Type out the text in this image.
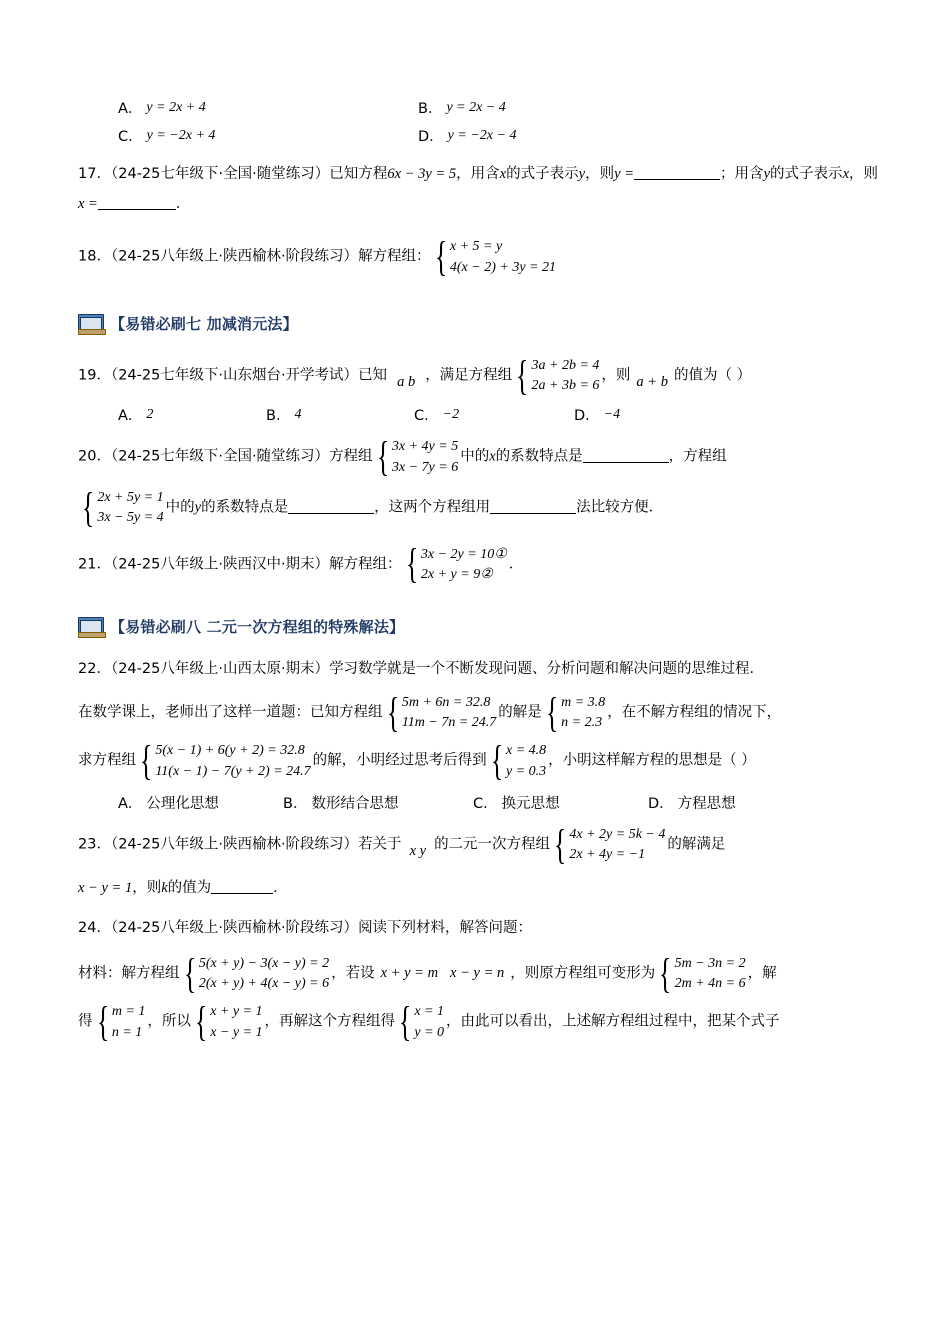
A． y = 2x + 4	B． y = 2x − 4
C． y = −2x + 4	D． y = −2x − 4
17．（24-25七年级下·全国·随堂练习）已知方程6x − 3y = 5，用含x的式子表示y，则y =	；用含y的式子表示x，则x =	．
18．（24-25八年级上·陕西榆林·阶段练习）解方程组： { x + 5 = y
4(x − 2) + 3y = 21
【易错必刷七 加减消元法】
19．（24-25七年级下·山东烟台·开学考试）已知 a b ，满足方程组 { 3a + 2b = 4
2a + 3b = 6
，则 a + b 的值为（ ）
A． 2	B． 4	C． −2	D． −4
20．（24-25七年级下·全国·随堂练习）方程组 { 3x + 4y = 5
3x − 7y = 6
中的x的系数特点是	，方程组
{ 2x + 5y = 1
3x − 5y = 4
中的y的系数特点是	，这两个方程组用	法比较方便．
21．（24-25八年级上·陕西汉中·期末）解方程组： { 3x − 2y = 10①
2x + y = 9②
．
【易错必刷八 二元一次方程组的特殊解法】
22．（24-25八年级上·山西太原·期末）学习数学就是一个不断发现问题、分析问题和解决问题的思维过程．
在数学课上，老师出了这样一道题：已知方程组 { 5m + 6n = 32.8
11m − 7n = 24.7
的解是 { m = 3.8
n = 2.3
，在不解方程组的情况下，
求方程组 { 5(x − 1) + 6(y + 2) = 32.8
11(x − 1) − 7(y + 2) = 24.7
的解，小明经过思考后得到 { x = 4.8
y = 0.3
，小明这样解方程的思想是（ ）
A． 公理化思想	B． 数形结合思想	C． 换元思想	D． 方程思想
23．（24-25八年级上·陕西榆林·阶段练习）若关于 x y 的二元一次方程组 { 4x + 2y = 5k − 4
2x + 4y = −1
的解满足
x − y = 1，则k的值为	．
24．（24-25八年级上·陕西榆林·阶段练习）阅读下列材料，解答问题：
材料：解方程组 { 5(x + y) − 3(x − y) = 2
2(x + y) + 4(x − y) = 6
，若设 x + y = m x − y = n ，则原方程组可变形为 { 5m − 3n = 2
2m + 4n = 6
，解
得 { m = 1
n = 1
，所以 { x + y = 1
x − y = 1
，再解这个方程组得 { x = 1
y = 0
，由此可以看出，上述解方程组过程中，把某个式子
